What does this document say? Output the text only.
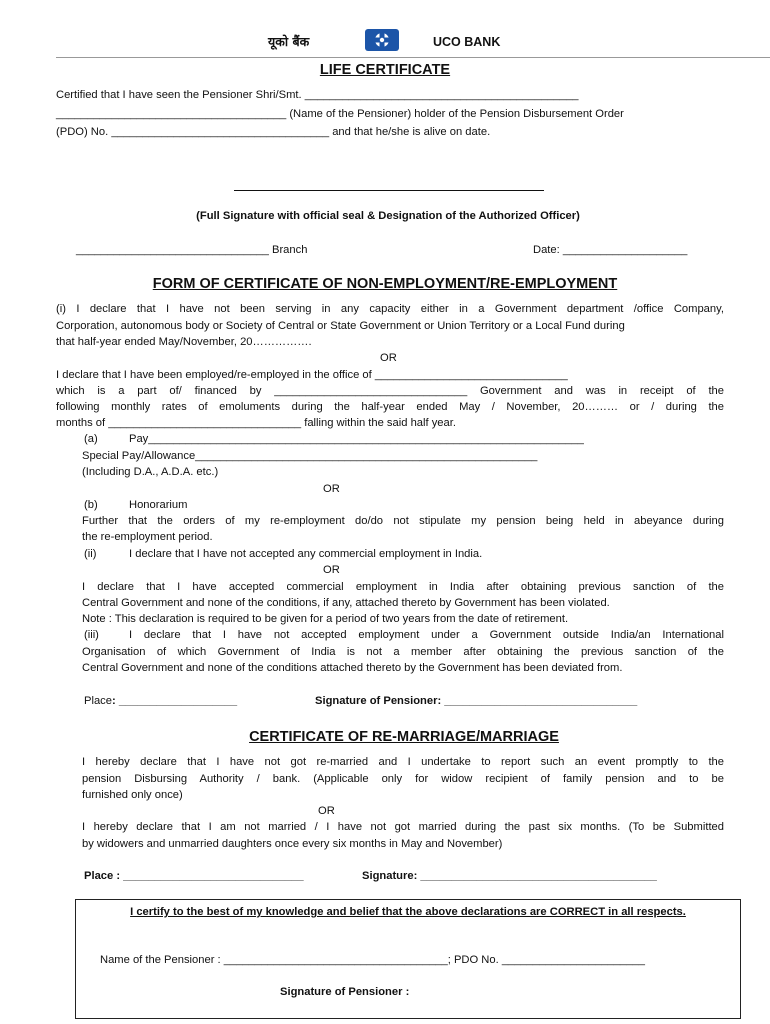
यूको बैंक	UCO BANK
LIFE CERTIFICATE
Certified that I have seen the Pensioner Shri/Smt. ____________________________________________
_____________________________________ (Name of the Pensioner) holder of the Pension Disbursement Order
(PDO) No. ___________________________________ and that he/she is alive on date.
(Full Signature with official seal & Designation of the Authorized Officer)
_______________________________ Branch	Date: ____________________
FORM OF CERTIFICATE OF NON-EMPLOYMENT/RE-EMPLOYMENT
(i) I declare that I have not been serving in any capacity either in a Government department /office Company,
Corporation, autonomous body or Society of Central or State Government or Union Territory or a Local Fund during
that half-year ended May/November, 20…………….
OR
I declare that I have been employed/re-employed in the office of _______________________________
which is a part of/ financed by _______________________________ Government and was in receipt of the
following monthly rates of emoluments during the half-year ended May / November, 20……… or / during the
months of _______________________________ falling within the said half year.
(a)	Pay______________________________________________________________________
Special Pay/Allowance_______________________________________________________
(Including D.A., A.D.A. etc.)
OR
(b)	Honorarium
Further that the orders of my re-employment do/do not stipulate my pension being held in abeyance during
the re-employment period.
(ii)	I declare that I have not accepted any commercial employment in India.
OR
I declare that I have accepted commercial employment in India after obtaining previous sanction of the
Central Government and none of the conditions, if any, attached thereto by Government has been violated.
Note : This declaration is required to be given for a period of two years from the date of retirement.
(iii)	I declare that I have not accepted employment under a Government outside India/an International
Organisation of which Government of India is not a member after obtaining the previous sanction of the
Central Government and none of the conditions attached thereto by the Government has been deviated from.
Place: ___________________	Signature of Pensioner: _______________________________
CERTIFICATE OF RE-MARRIAGE/MARRIAGE
I hereby declare that I have not got re-married and I undertake to report such an event promptly to the
pension Disbursing Authority / bank. (Applicable only for widow recipient of family pension and to be
furnished only once)
OR
I hereby declare that I am not married / I have not got married during the past six months. (To be Submitted
by widowers and unmarried daughters once every six months in May and November)
Place : _____________________________	Signature: ______________________________________
I certify to the best of my knowledge and belief that the above declarations are CORRECT in all respects.
Name of the Pensioner : ____________________________________; PDO No. _______________________
Signature of Pensioner :
